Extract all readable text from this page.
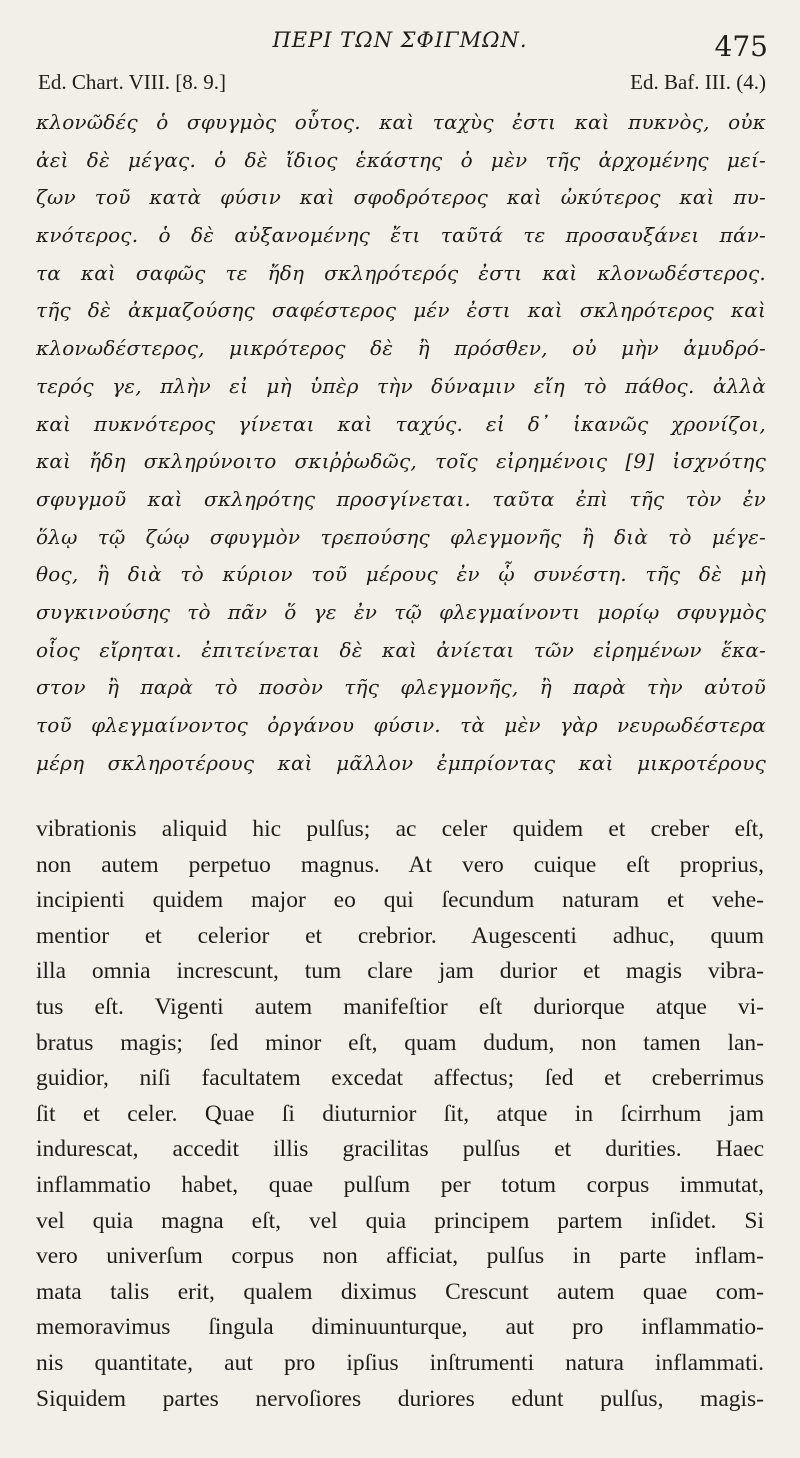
ΠΕΡΙ ΤΩΝ ΣΦΙΓΜΩΝ.	475
Ed. Chart. VIII. [8. 9.]	Ed. Baf. III. (4.)
κλονῶδές ὁ σφυγμὸς οὗτος. καὶ ταχὺς ἐστι καὶ πυκνὸς, οὐκ
ἀεὶ δὲ μέγας. ὁ δὲ ἴδιος ἑκάστης ὁ μὲν τῆς ἀρχομένης μεί-
ζων τοῦ κατὰ φύσιν καὶ σφοδρότερος καὶ ὠκύτερος καὶ πυ-
κνότερος. ὁ δὲ αὐξανομένης ἔτι ταῦτά τε προσαυξάνει πάν-
τα καὶ σαφῶς τε ἤδη σκληρότερός ἐστι καὶ κλονωδέστερος.
τῆς δὲ ἀκμαζούσης σαφέστερος μέν ἐστι καὶ σκληρότερος καὶ
κλονωδέστερος, μικρότερος δὲ ἢ πρόσθεν, οὐ μὴν ἀμυδρό-
τερός γε, πλὴν εἰ μὴ ὑπὲρ τὴν δύναμιν εἴη τὸ πάθος. ἀλλὰ
καὶ πυκνότερος γίνεται καὶ ταχύς. εἰ δ᾽ ἱκανῶς χρονίζοι,
καὶ ἤδη σκληρύνοιτο σκιῤῥωδῶς, τοῖς εἰρημένοις [9] ἰσχνότης
σφυγμοῦ καὶ σκληρότης προσγίνεται. ταῦτα ἐπὶ τῆς τὸν ἐν
ὅλῳ τῷ ζώῳ σφυγμὸν τρεπούσης φλεγμονῆς ἢ διὰ τὸ μέγε-
θος, ἢ διὰ τὸ κύριον τοῦ μέρους ἐν ᾧ συνέστη. τῆς δὲ μὴ
συγκινούσης τὸ πᾶν ὅ γε ἐν τῷ φλεγμαίνοντι μορίῳ σφυγμὸς
οἷος εἴρηται. ἐπιτείνεται δὲ καὶ ἀνίεται τῶν εἰρημένων ἕκα-
στον ἢ παρὰ τὸ ποσὸν τῆς φλεγμονῆς, ἢ παρὰ τὴν αὐτοῦ
τοῦ φλεγμαίνοντος ὀργάνου φύσιν. τὰ μὲν γὰρ νευρωδέστερα
μέρη σκληροτέρους καὶ μᾶλλον ἐμπρίοντας καὶ μικροτέρους
vibrationis aliquid hic pulſus; ac celer quidem et creber eſt,
non autem perpetuo magnus. At vero cuique eſt proprius,
incipienti quidem major eo qui ſecundum naturam et vehe-
mentior et celerior et crebrior. Augescenti adhuc, quum
illa omnia increscunt, tum clare jam durior et magis vibra-
tus eſt. Vigenti autem manifeſtior eſt duriorque atque vi-
bratus magis; ſed minor eſt, quam dudum, non tamen lan-
guidior, niſi facultatem excedat affectus; ſed et creberrimus
ſit et celer. Quae ſi diuturnior ſit, atque in ſcirrhum jam
indurescat, accedit illis gracilitas pulſus et durities. Haec
inflammatio habet, quae pulſum per totum corpus immutat,
vel quia magna eſt, vel quia principem partem inſidet. Si
vero univerſum corpus non afficiat, pulſus in parte inflam-
mata talis erit, qualem diximus Crescunt autem quae com-
memoravimus ſingula diminuunturque, aut pro inflammatio-
nis quantitate, aut pro ipſius inſtrumenti natura inflammati.
Siquidem partes nervoſiores duriores edunt pulſus, magis-
